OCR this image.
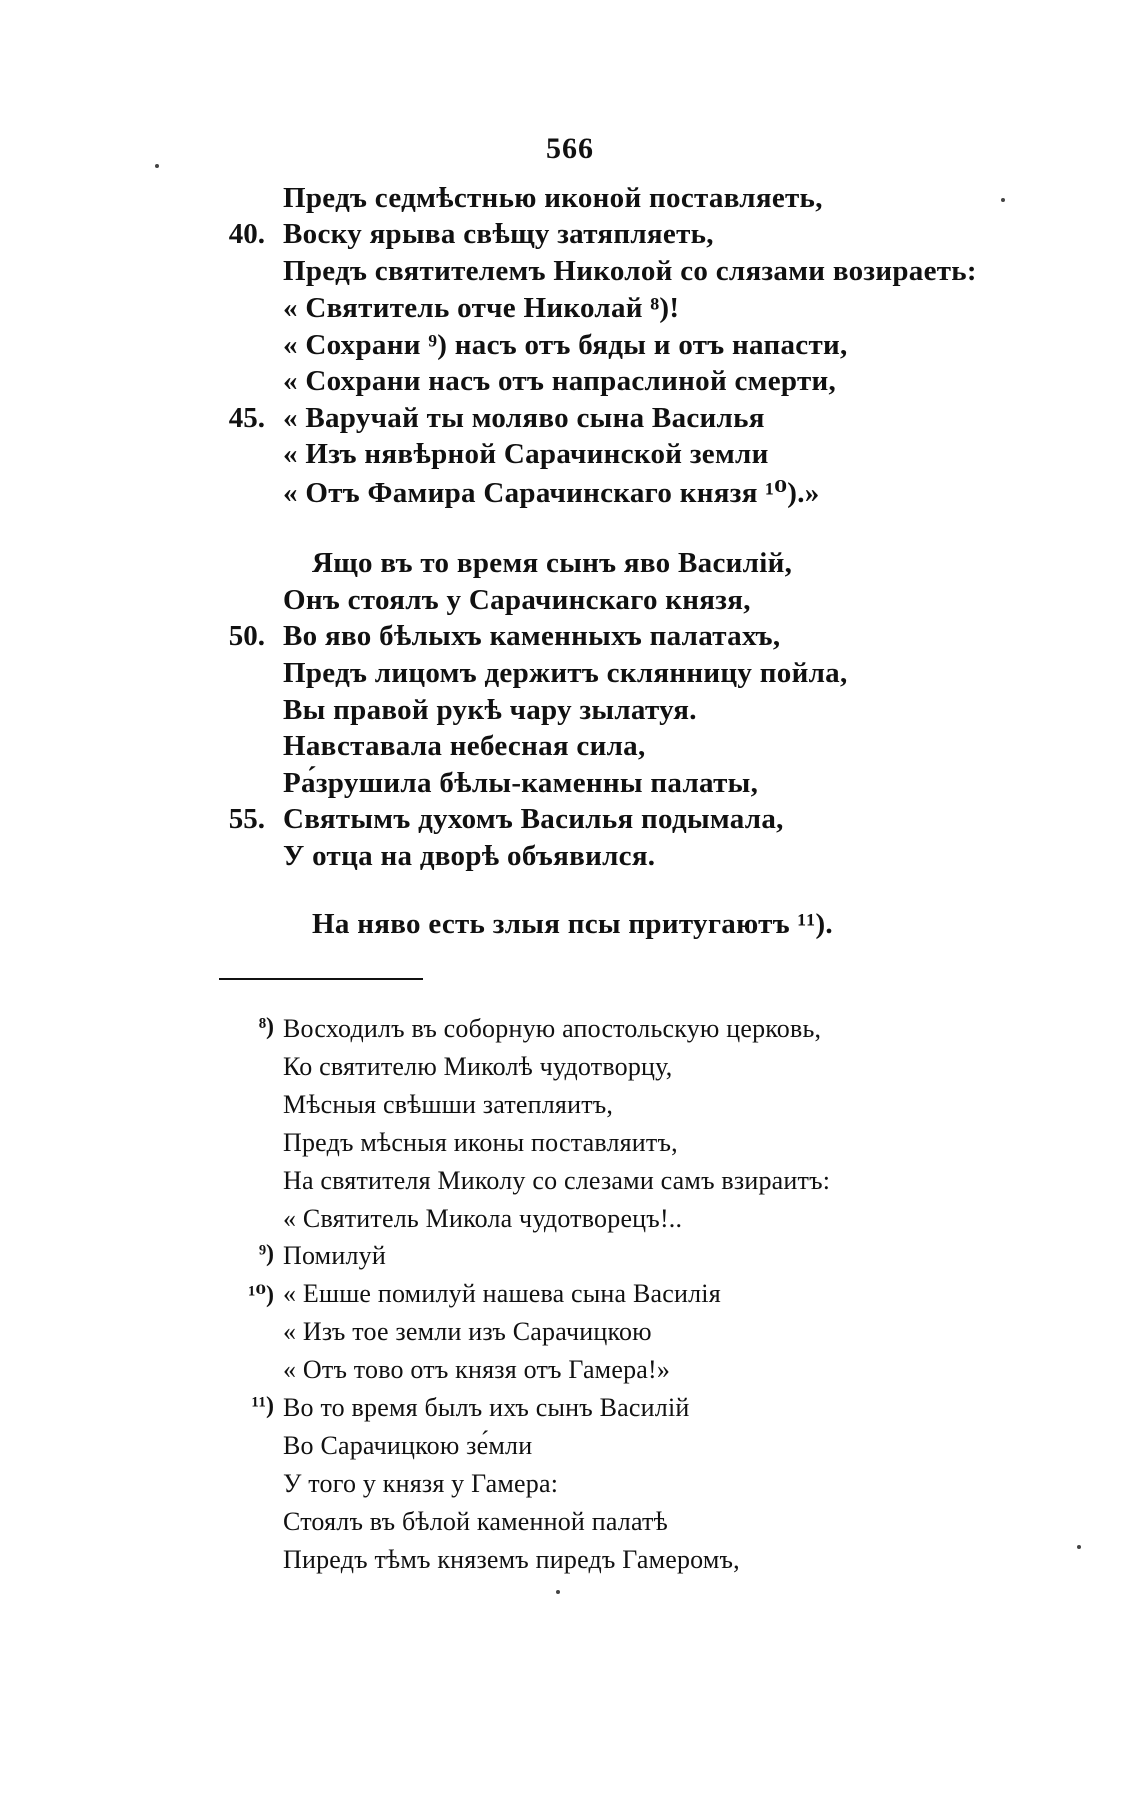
566
Предъ седмѣстнью иконой поставляеть,
40. Воску ярыва свѣщу затяпляеть,
Предъ святителемъ Николой со слязами возираеть:
« Святитель отче Николай ⁸)!
« Сохрани ⁹) насъ отъ бяды и отъ напасти,
« Сохрани насъ отъ напраслиной смерти,
45. « Варучай ты моляво сына Василья
« Изъ нявѣрной Сарачинской земли
« Отъ Фамира Сарачинскаго князя ¹⁰).»
Ящо въ то время сынъ яво Василій,
Онъ стоялъ у Сарачинскаго князя,
50. Во яво бѣлыхъ каменныхъ палатахъ,
Предъ лицомъ держитъ склянницу пойла,
Вы правой рукѣ чару зылатуя.
Навставала небесная сила,
Ра́зрушила бѣлы-каменны палаты,
55. Святымъ духомъ Василья подымала,
У отца на дворѣ объявился.
На няво есть злыя псы притугаютъ ¹¹).
⁸) Восходилъ въ соборную апостольскую церковь,
Ко святителю Миколѣ чудотворцу,
Мѣсныя свѣшши затепляитъ,
Предъ мѣсныя иконы поставляитъ,
На святителя Миколу со слезами самъ взираитъ:
« Святитель Микола чудотворецъ!..
⁹) Помилуй
¹⁰) « Ешше помилуй нашева сына Василія
« Изъ тое земли изъ Сарачицкою
« Отъ тово отъ князя отъ Гамера!»
¹¹) Во то время былъ ихъ сынъ Василій
Во Сарачицкою зе́мли
У того у князя у Гамера:
Стоялъ въ бѣлой каменной палатѣ
Пиредъ тѣмъ княземъ пиредъ Гамеромъ,
